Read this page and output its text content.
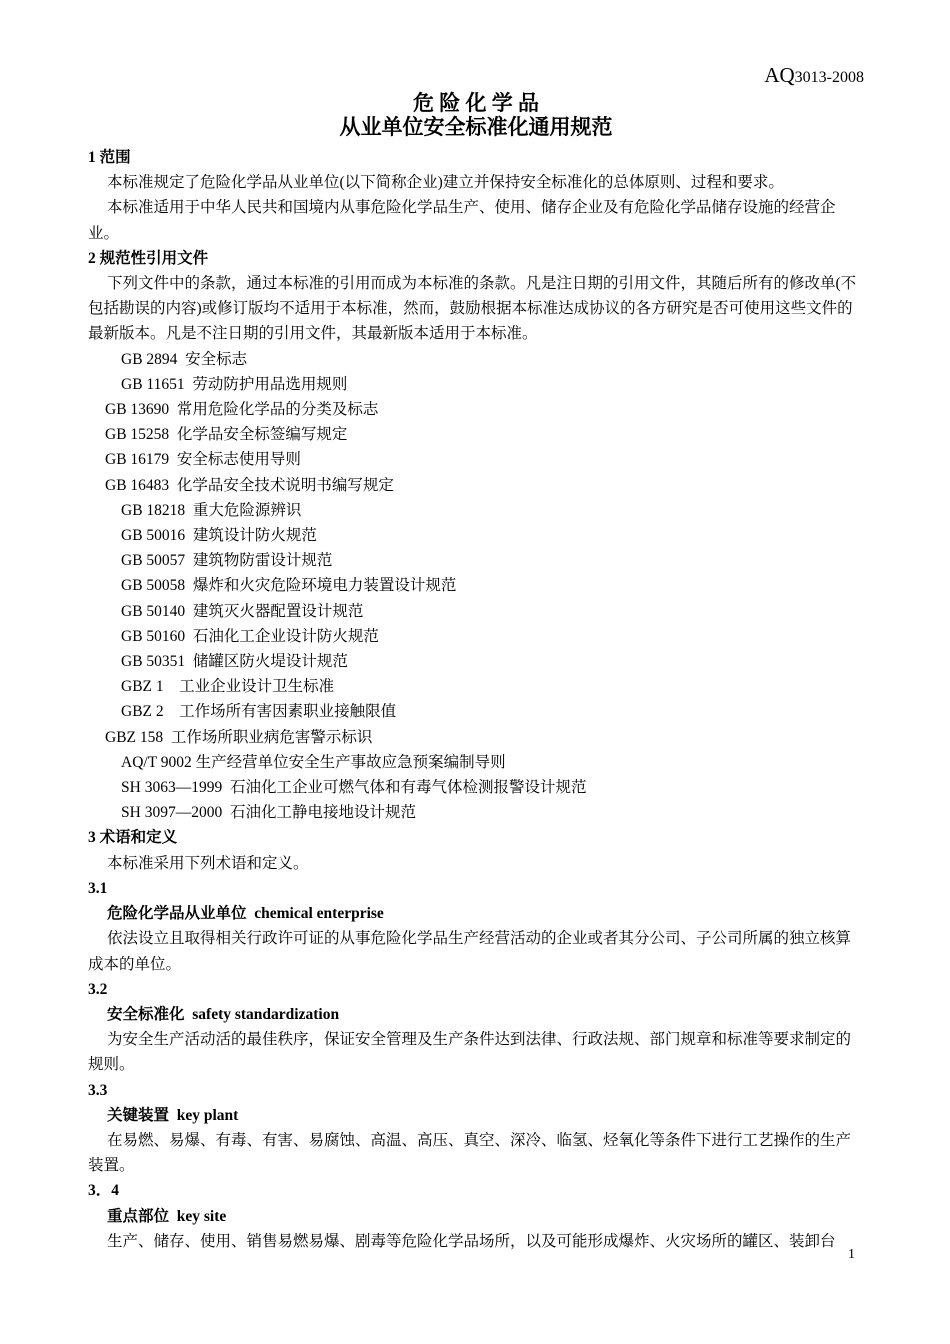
AQ3013-2008
危 险 化 学 品
从业单位安全标准化通用规范
1 范围
本标准规定了危险化学品从业单位(以下简称企业)建立并保持安全标准化的总体原则、过程和要求。
本标准适用于中华人民共和国境内从事危险化学品生产、使用、储存企业及有危险化学品储存设施的经营企业。
2 规范性引用文件
下列文件中的条款，通过本标准的引用而成为本标准的条款。凡是注日期的引用文件，其随后所有的修改单(不包括勘误的内容)或修订版均不适用于本标准，然而，鼓励根据本标准达成协议的各方研究是否可使用这些文件的最新版本。凡是不注日期的引用文件，其最新版本适用于本标准。
GB 2894  安全标志
GB 11651  劳动防护用品选用规则
GB 13690  常用危险化学品的分类及标志
GB 15258  化学品安全标签编写规定
GB 16179  安全标志使用导则
GB 16483  化学品安全技术说明书编写规定
GB 18218  重大危险源辨识
GB 50016  建筑设计防火规范
GB 50057  建筑物防雷设计规范
GB 50058  爆炸和火灾危险环境电力装置设计规范
GB 50140  建筑灭火器配置设计规范
GB 50160  石油化工企业设计防火规范
GB 50351  储罐区防火堤设计规范
GBZ 1    工业企业设计卫生标准
GBZ 2    工作场所有害因素职业接触限值
GBZ 158  工作场所职业病危害警示标识
AQ/T 9002 生产经营单位安全生产事故应急预案编制导则
SH 3063—1999  石油化工企业可燃气体和有毒气体检测报警设计规范
SH 3097—2000  石油化工静电接地设计规范
3 术语和定义
本标准采用下列术语和定义。
3.1
危险化学品从业单位  chemical enterprise
依法设立且取得相关行政许可证的从事危险化学品生产经营活动的企业或者其分公司、子公司所属的独立核算成本的单位。
3.2
安全标准化  safety standardization
为安全生产活动活的最佳秩序，保证安全管理及生产条件达到法律、行政法规、部门规章和标准等要求制定的规则。
3.3
关键装置  key plant
在易燃、易爆、有毒、有害、易腐蚀、高温、高压、真空、深冷、临氢、烃氧化等条件下进行工艺操作的生产装置。
3．4
重点部位  key site
生产、储存、使用、销售易燃易爆、剧毒等危险化学品场所，以及可能形成爆炸、火灾场所的罐区、装卸台
1
